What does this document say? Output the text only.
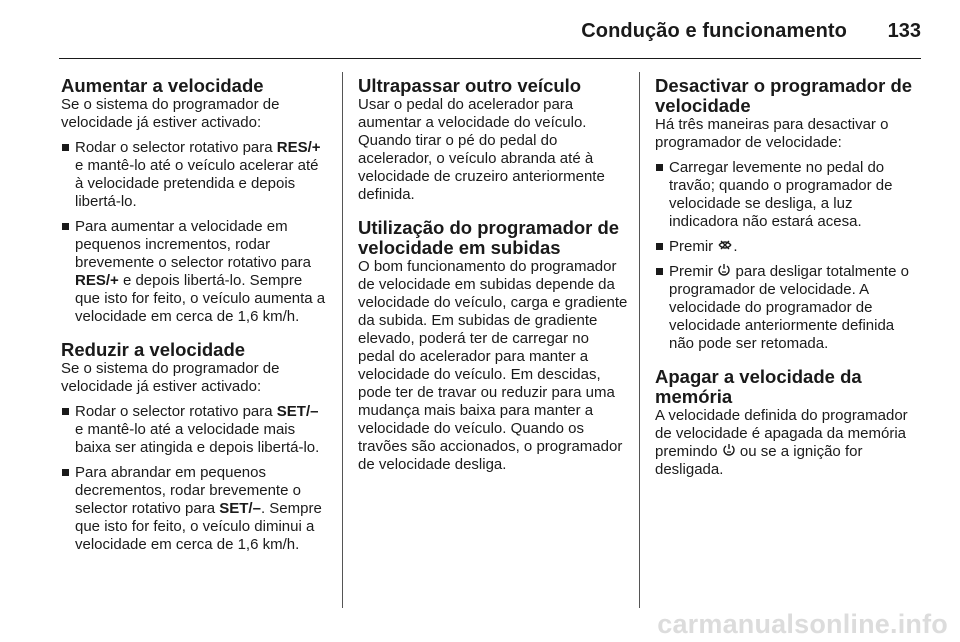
Condução e funcionamento 133
Aumentar a velocidade

Se o sistema do programador de velocidade já estiver activado:

Rodar o selector rotativo para RES/+ e mantê-lo até o veículo acelerar até à velocidade pretendida e depois libertá-lo.
Para aumentar a velocidade em pequenos incrementos, rodar brevemente o selector rotativo para RES/+ e depois libertá-lo. Sempre que isto for feito, o veículo aumenta a velocidade em cerca de 1,6 km/h.
Reduzir a velocidade

Se o sistema do programador de velocidade já estiver activado:

Rodar o selector rotativo para SET/– e mantê-lo até a velocidade mais baixa ser atingida e depois libertá-lo.
Para abrandar em pequenos decrementos, rodar brevemente o selector rotativo para SET/–. Sempre que isto for feito, o veículo diminui a velocidade em cerca de 1,6 km/h.
Ultrapassar outro veículo

Usar o pedal do acelerador para aumentar a velocidade do veículo. Quando tirar o pé do pedal do acelerador, o veículo abranda até à velocidade de cruzeiro anteriormente definida.

Utilização do programador de velocidade em subidas

O bom funcionamento do programador de velocidade em subidas depende da velocidade do veículo, carga e gradiente da subida. Em subidas de gradiente elevado, poderá ter de carregar no pedal do acelerador para manter a velocidade do veículo. Em descidas, pode ter de travar ou reduzir para uma mudança mais baixa para manter a velocidade do veículo. Quando os travões são accionados, o programador de velocidade desliga.

Desactivar o programador de velocidade

Há três maneiras para desactivar o programador de velocidade:

Carregar levemente no pedal do travão; quando o programador de velocidade se desliga, a luz indicadora não estará acesa.
Premir .
Premir  para desligar totalmente o programador de velocidade. A velocidade do programador de velocidade anteriormente definida não pode ser retomada.
Apagar a velocidade da memória

A velocidade definida do programador de velocidade é apagada da memória premindo  ou se a ignição for desligada.

carmanualsonline.info
